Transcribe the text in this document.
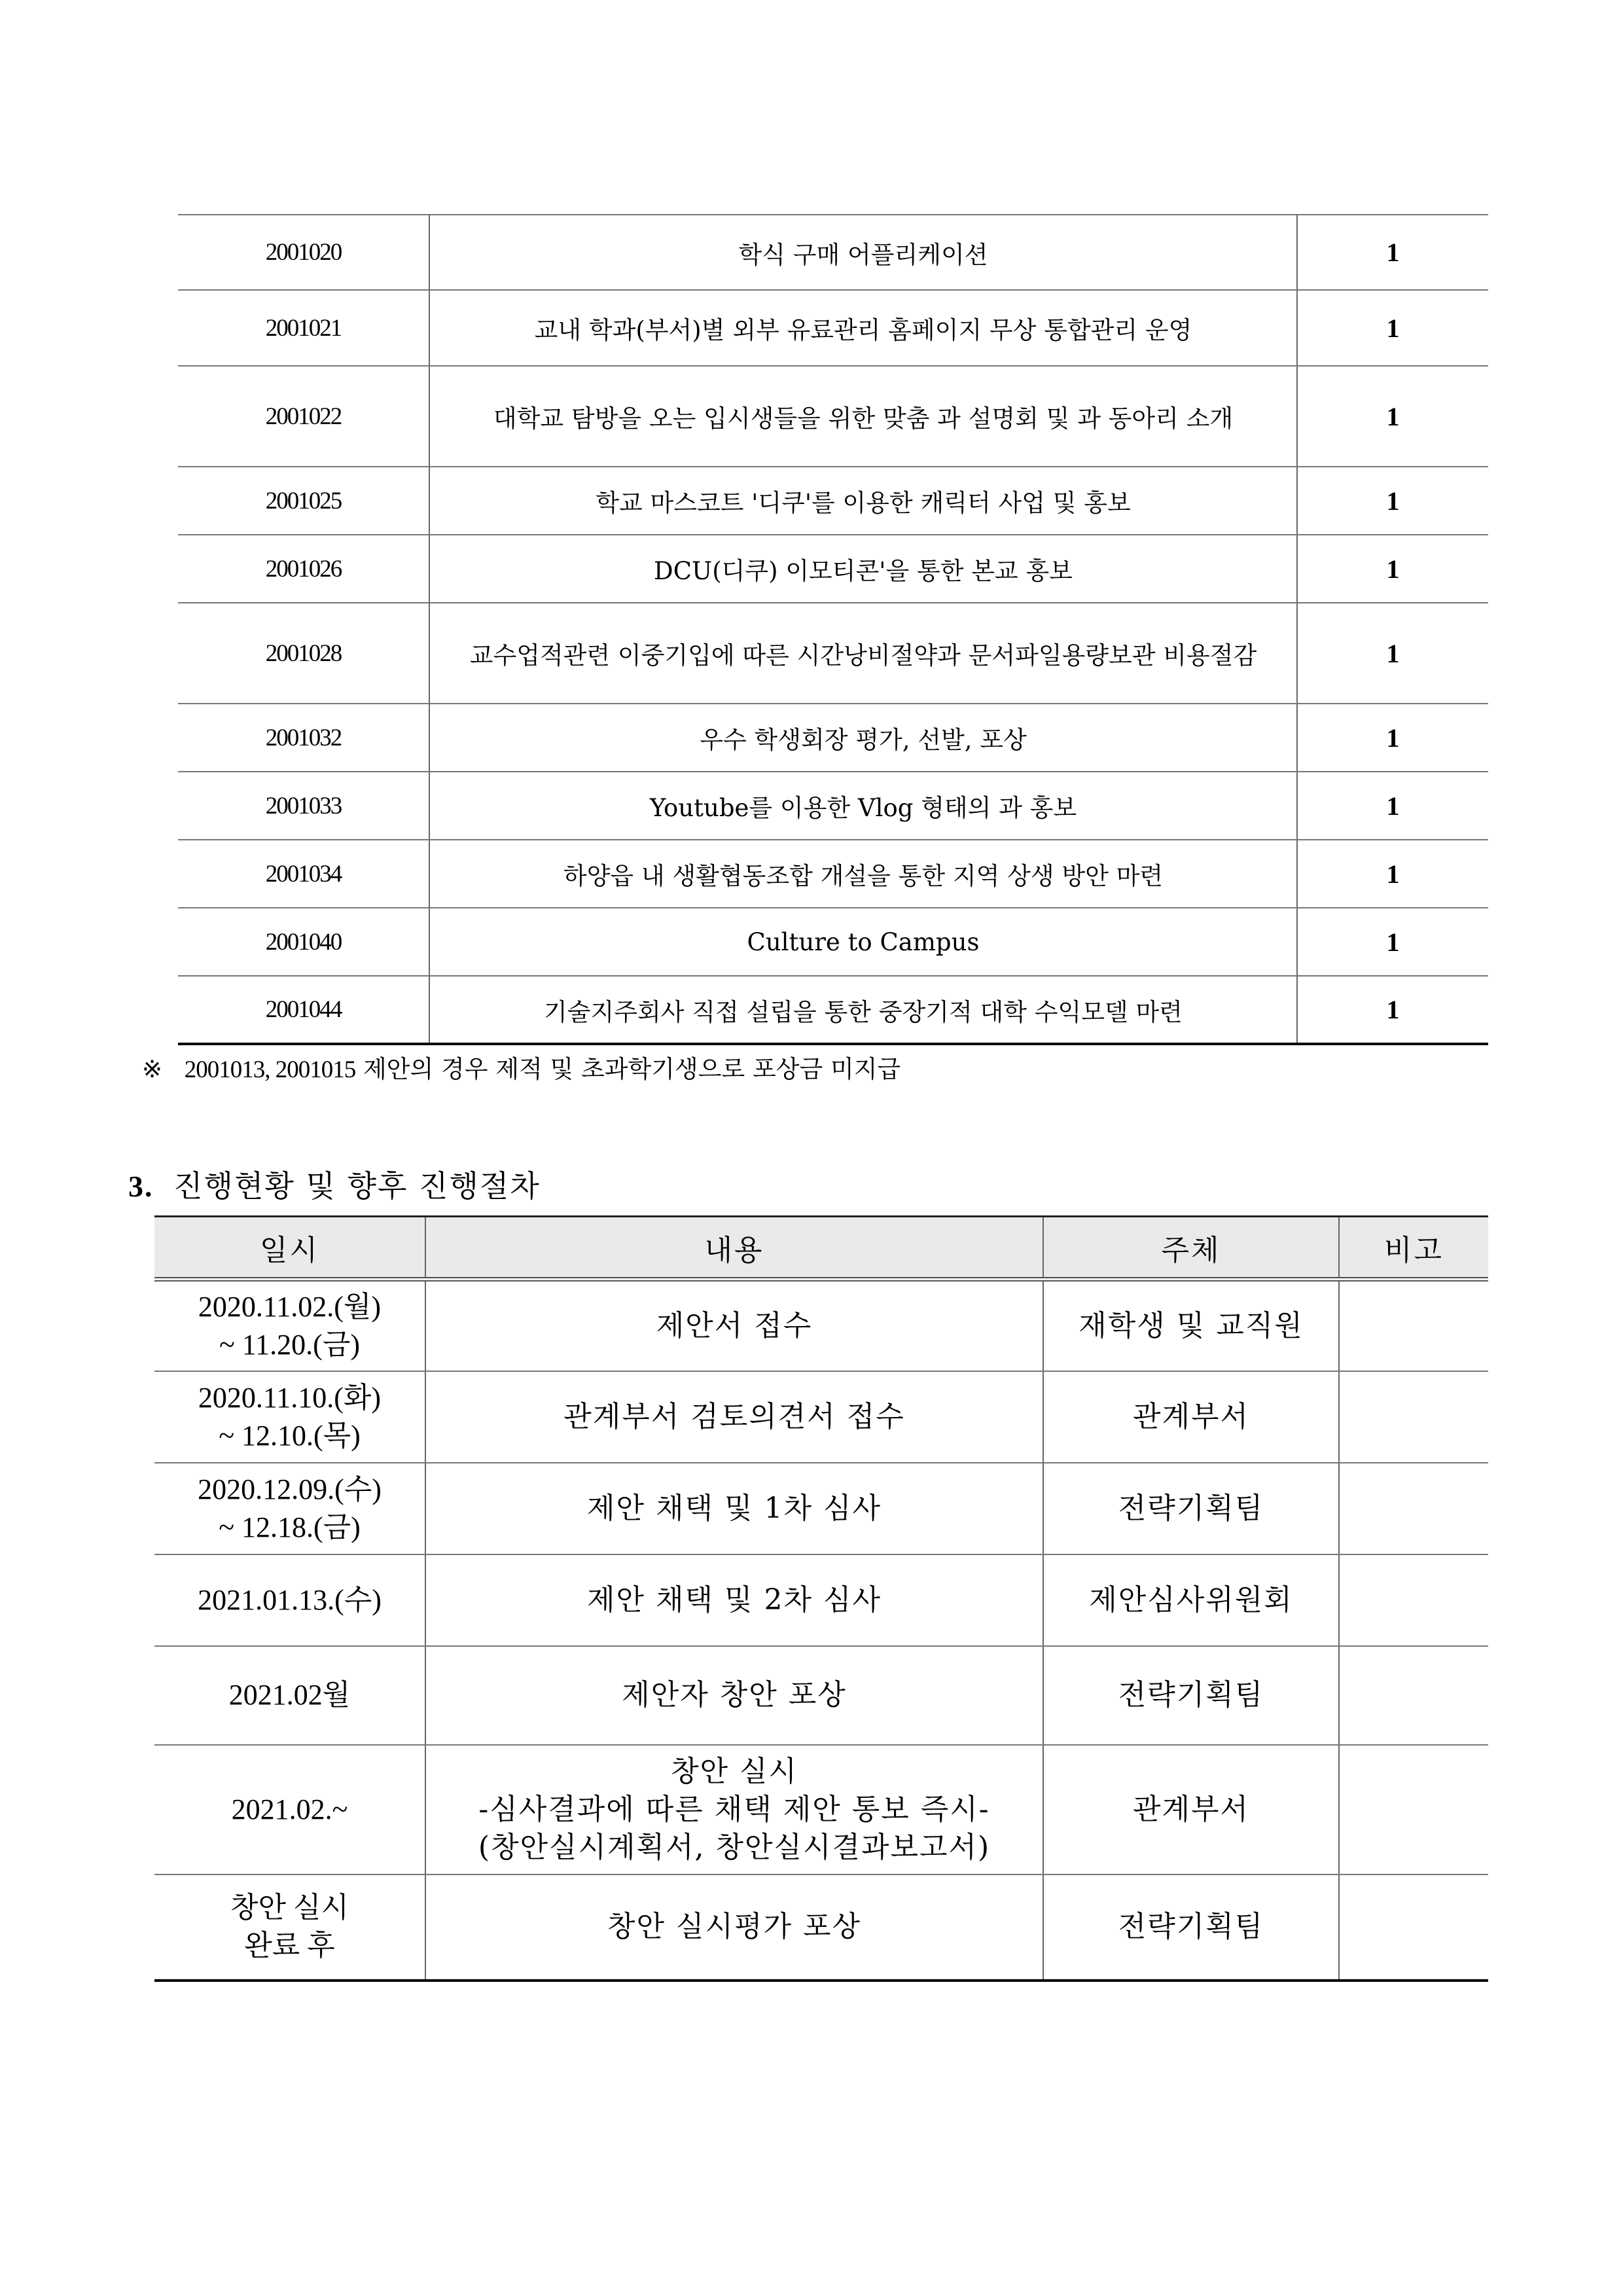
2001020	학식 구매 어플리케이션	1
2001021	교내 학과(부서)별 외부 유료관리 홈페이지 무상 통합관리 운영	1
2001022	대학교 탐방을 오는 입시생들을 위한 맞춤 과 설명회 및 과 동아리 소개	1
2001025	학교 마스코트 '디쿠'를 이용한 캐릭터 사업 및 홍보	1
2001026	DCU(디쿠) 이모티콘'을 통한 본교 홍보	1
2001028	교수업적관련 이중기입에 따른 시간낭비절약과 문서파일용량보관 비용절감	1
2001032	우수 학생회장 평가, 선발, 포상	1
2001033	Youtube를 이용한 Vlog 형태의 과 홍보	1
2001034	하양읍 내 생활협동조합 개설을 통한 지역 상생 방안 마련	1
2001040	Culture to Campus	1
2001044	기술지주회사 직접 설립을 통한 중장기적 대학 수익모델 마련	1
※ 2001013, 2001015 제안의 경우 제적 및 초과학기생으로 포상금 미지급
3. 진행현황 및 향후 진행절차
일시	내용	주체	비고

2020.11.02.(월)
~ 11.20.(금)	제안서 접수	재학생 및 교직원	

2020.11.10.(화)
~ 12.10.(목)	관계부서 검토의견서 접수	관계부서	

2020.12.09.(수)
~ 12.18.(금)	제안 채택 및 1차 심사	전략기획팀	

2021.01.13.(수)	제안 채택 및 2차 심사	제안심사위원회	

2021.02월	제안자 창안 포상	전략기획팀	

2021.02.~	창안 실시
-심사결과에 따른 채택 제안 통보 즉시-
(창안실시계획서, 창안실시결과보고서)	관계부서	

창안 실시
완료 후	창안 실시평가 포상	전략기획팀	
